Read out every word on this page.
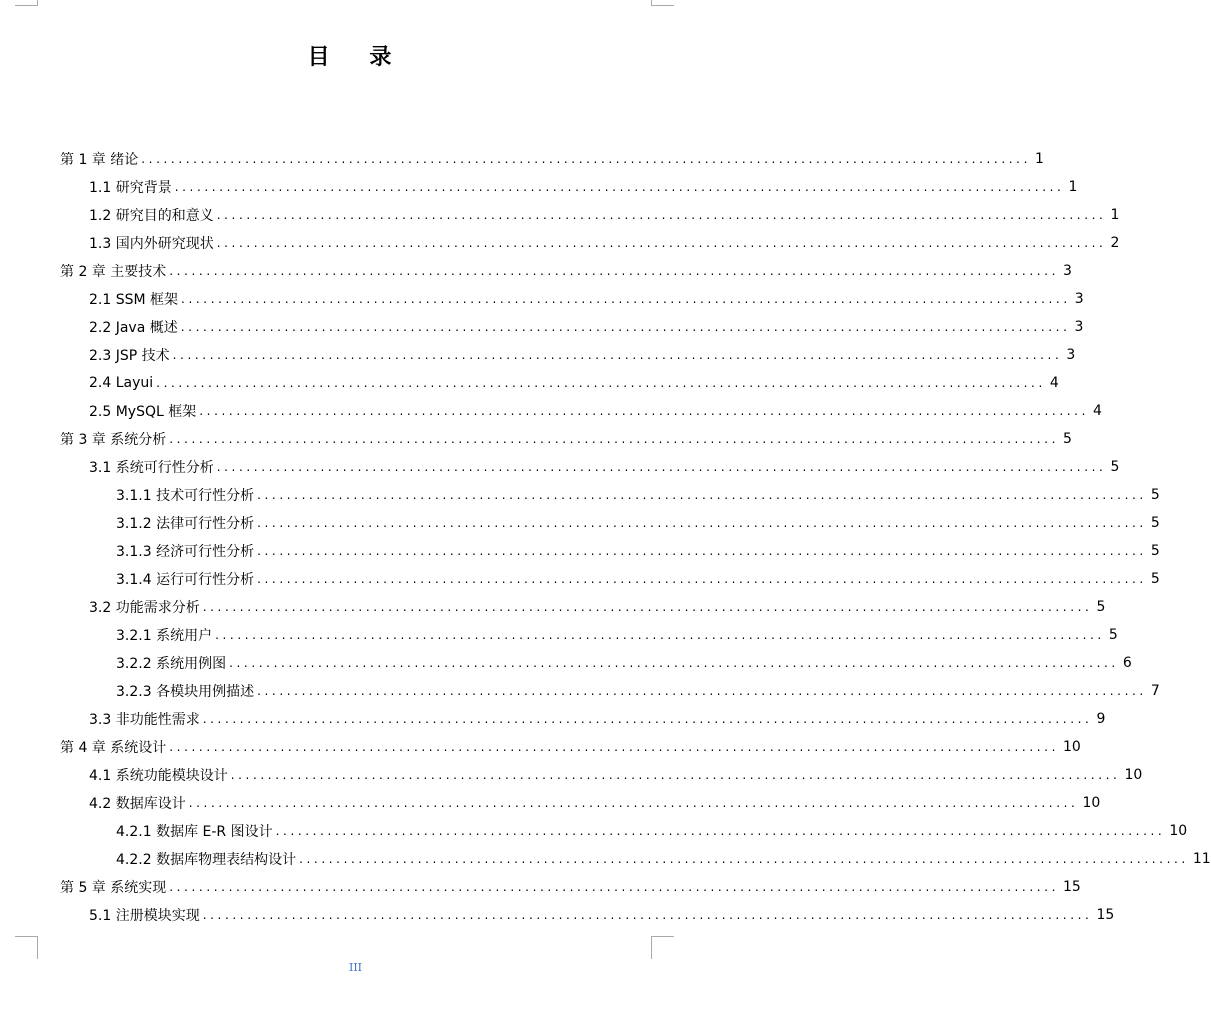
目 录
第 1 章 绪论 ........................................................................................................................ 1
1.1 研究背景 ........................................................................................................................ 1
1.2 研究目的和意义 ........................................................................................................................ 1
1.3 国内外研究现状 ........................................................................................................................ 2
第 2 章 主要技术 ........................................................................................................................ 3
2.1 SSM 框架 ........................................................................................................................ 3
2.2 Java 概述 ........................................................................................................................ 3
2.3 JSP 技术 ........................................................................................................................ 3
2.4 Layui ........................................................................................................................ 4
2.5 MySQL 框架 ........................................................................................................................ 4
第 3 章 系统分析 ........................................................................................................................ 5
3.1 系统可行性分析 ........................................................................................................................ 5
3.1.1 技术可行性分析 ........................................................................................................................ 5
3.1.2 法律可行性分析 ........................................................................................................................ 5
3.1.3 经济可行性分析 ........................................................................................................................ 5
3.1.4 运行可行性分析 ........................................................................................................................ 5
3.2 功能需求分析 ........................................................................................................................ 5
3.2.1 系统用户 ........................................................................................................................ 5
3.2.2 系统用例图 ........................................................................................................................ 6
3.2.3 各模块用例描述 ........................................................................................................................ 7
3.3 非功能性需求 ........................................................................................................................ 9
第 4 章 系统设计 ........................................................................................................................ 10
4.1 系统功能模块设计 ........................................................................................................................ 10
4.2 数据库设计 ........................................................................................................................ 10
4.2.1 数据库 E-R 图设计 ........................................................................................................................ 10
4.2.2 数据库物理表结构设计 ........................................................................................................................ 11
第 5 章 系统实现 ........................................................................................................................ 15
5.1 注册模块实现 ........................................................................................................................ 15
III
